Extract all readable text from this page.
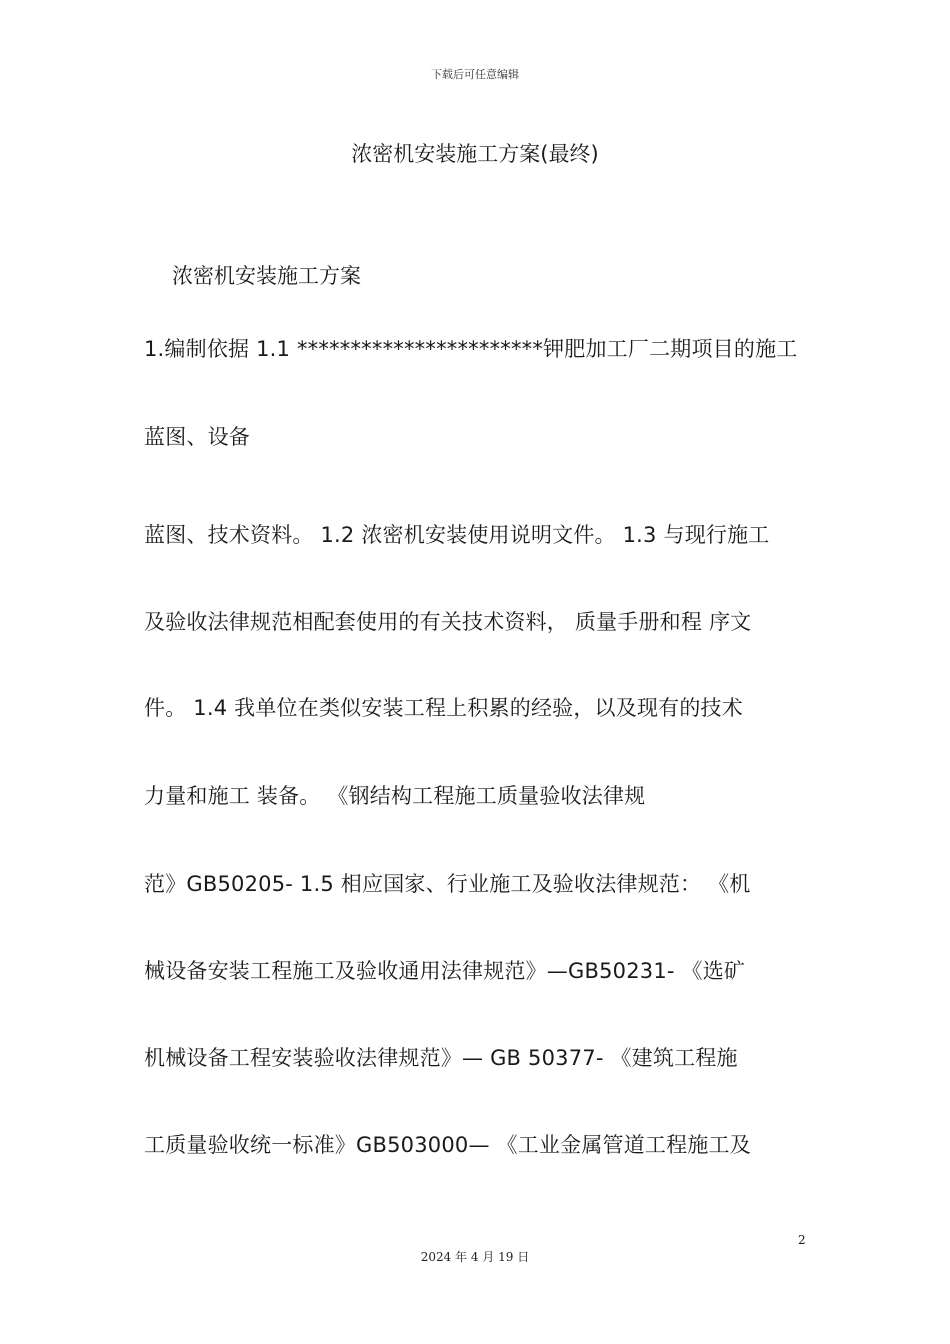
下载后可任意编辑
浓密机安装施工方案(最终)
浓密机安装施工方案
1.编制依据 1.1 ***********************钾肥加工厂二期项目的施工
蓝图、设备
蓝图、技术资料。 1.2 浓密机安装使用说明文件。 1.3 与现行施工
及验收法律规范相配套使用的有关技术资料， 质量手册和程 序文
件。 1.4 我单位在类似安装工程上积累的经验，以及现有的技术
力量和施工 装备。 《钢结构工程施工质量验收法律规
范》GB50205- 1.5 相应国家、行业施工及验收法律规范： 《机
械设备安装工程施工及验收通用法律规范》—GB50231- 《选矿
机械设备工程安装验收法律规范》— GB 50377- 《建筑工程施
工质量验收统一标准》GB503000— 《工业金属管道工程施工及
2
2024 年 4 月 19 日
